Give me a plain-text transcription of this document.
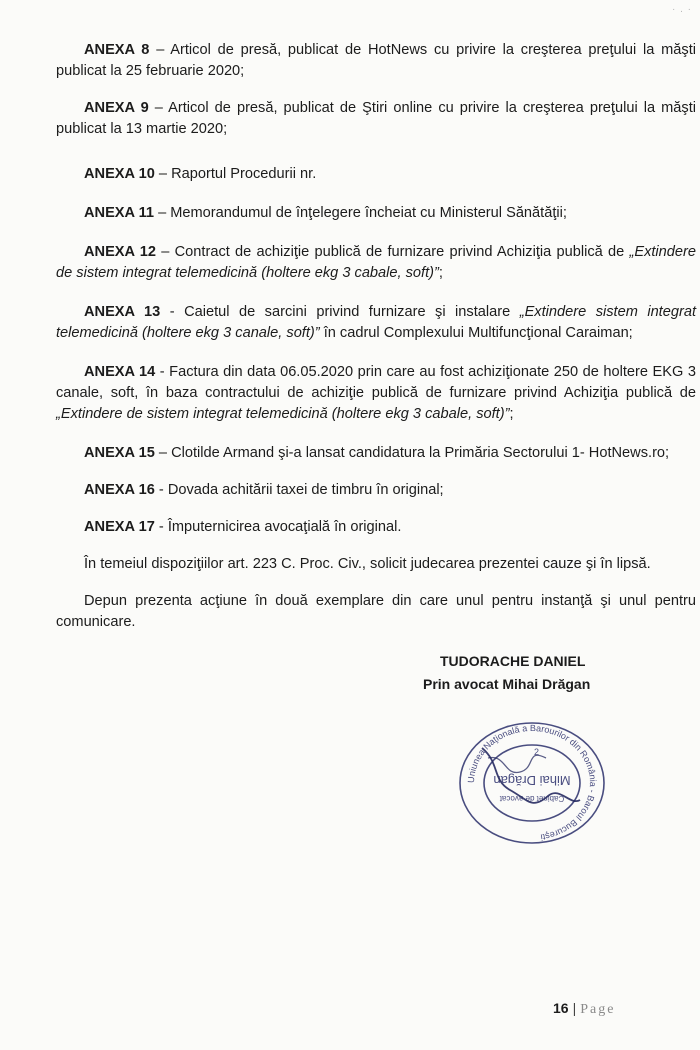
· . ·

ANEXA 8 – Articol de presă, publicat de HotNews cu privire la creşterea preţului la măşti publicat la 25 februarie 2020;

ANEXA 9 – Articol de presă, publicat de Ştiri online cu privire la creşterea preţului la măşti publicat la 13 martie 2020;

ANEXA 10 – Raportul Procedurii nr.

ANEXA 11 – Memorandumul de înţelegere încheiat cu Ministerul Sănătăţii;

ANEXA 12 – Contract de achiziţie publică de furnizare privind Achiziţia publică de „Extindere de sistem integrat telemedicină (holtere ekg 3 cabale, soft)”;

ANEXA 13 - Caietul de sarcini privind furnizare şi instalare „Extindere sistem integrat telemedicină (holtere ekg 3 canale, soft)” în cadrul Complexului Multifuncţional Caraiman;

ANEXA 14 - Factura din data 06.05.2020 prin care au fost achiziţionate 250 de holtere EKG 3 canale, soft, în baza contractului de achiziţie publică de furnizare privind Achiziţia publică de „Extindere de sistem integrat telemedicină (holtere ekg 3 cabale, soft)”;

ANEXA 15 – Clotilde Armand şi-a lansat candidatura la Primăria Sectorului 1- HotNews.ro;

ANEXA 16 - Dovada achitării taxei de timbru în original;

ANEXA 17 - Împuternicirea avocaţială în original.

În temeiul dispoziţiilor art. 223 C. Proc. Civ., solicit judecarea prezentei cauze şi în lipsă.

Depun prezenta acţiune în două exemplare din care unul pentru instanţă şi unul pentru comunicare.

TUDORACHE DANIEL
Prin avocat Mihai Drăgan
Uniunea Naţională a Barourilor din România - Baroul Bucureşti
Cabinet de avocat
Mihai Drăgan
2
16 | Page
